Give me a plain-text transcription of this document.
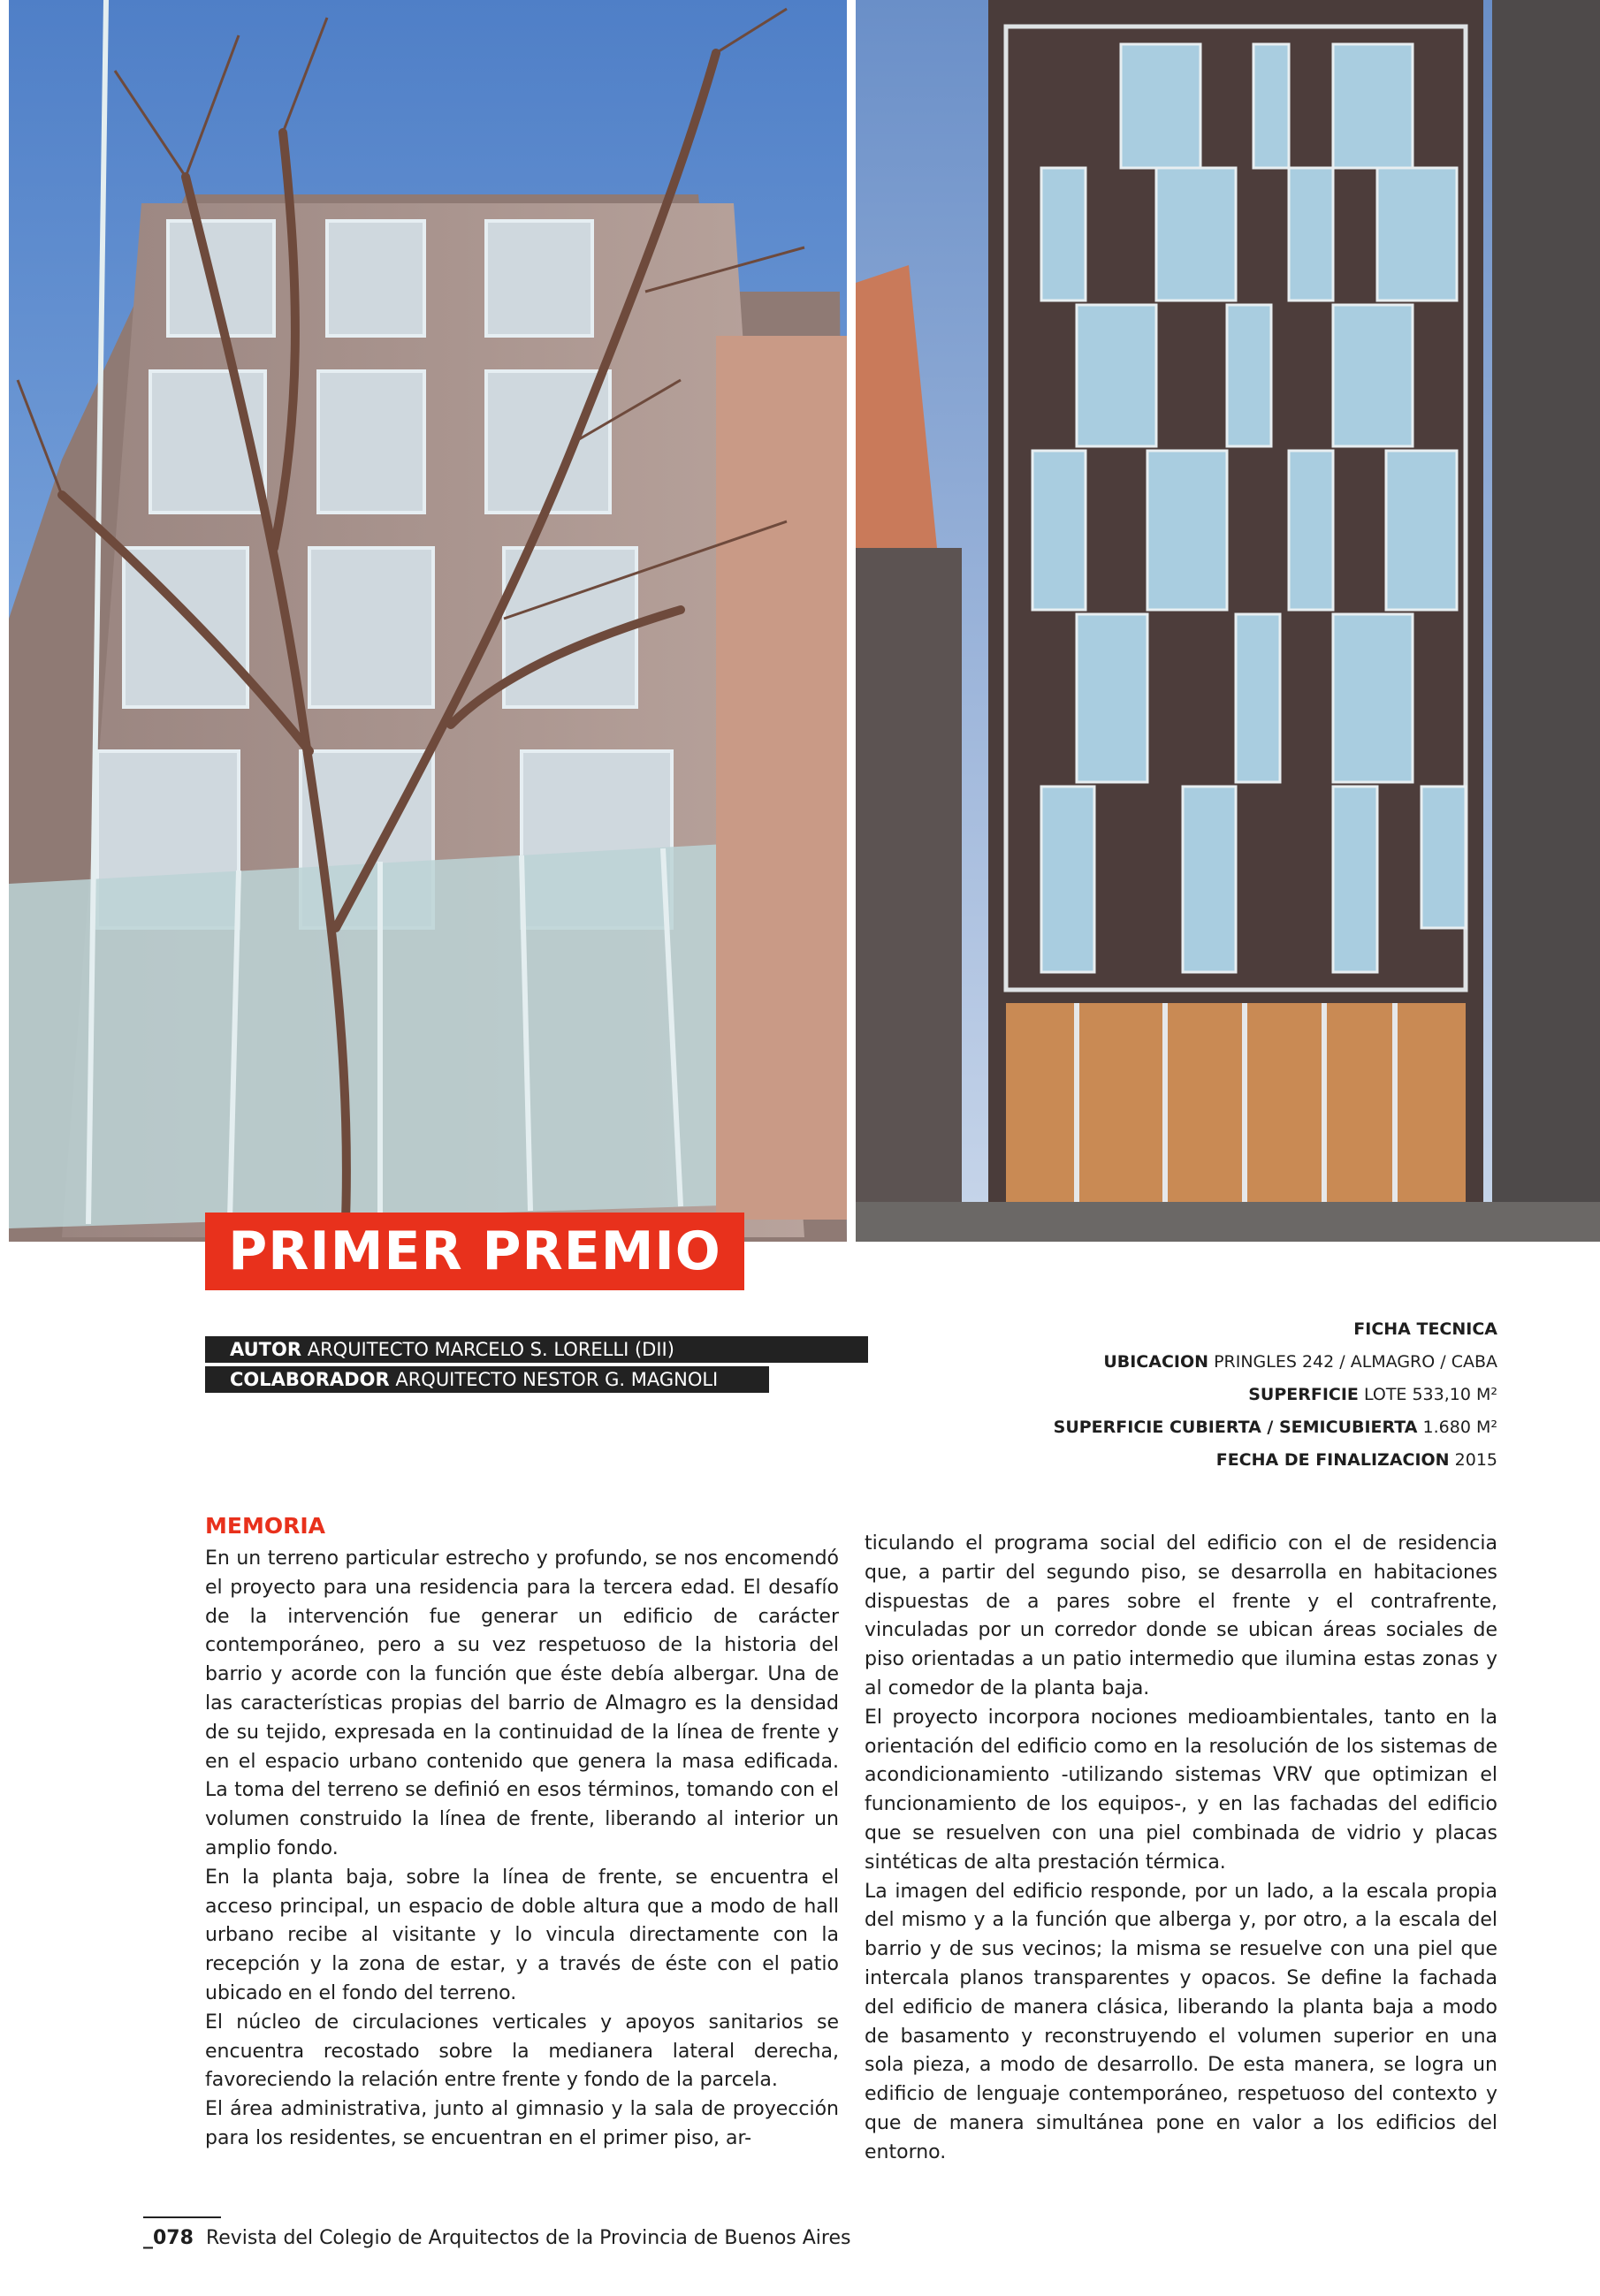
PRIMER PREMIO
AUTOR ARQUITECTO MARCELO S. LORELLI (DII)
COLABORADOR ARQUITECTO NESTOR G. MAGNOLI
FICHA TECNICA
UBICACION PRINGLES 242 / ALMAGRO / CABA
SUPERFICIE LOTE 533,10 M²
SUPERFICIE CUBIERTA / SEMICUBIERTA 1.680 M²
FECHA DE FINALIZACION 2015
MEMORIA

En un terreno particular estrecho y profundo, se nos encomendó el proyecto para una residencia para la tercera edad. El desafío de la intervención fue generar un edificio de carácter contemporáneo, pero a su vez respetuoso de la historia del barrio y acorde con la función que éste debía albergar. Una de las características propias del barrio de Almagro es la densidad de su tejido, expresada en la continuidad de la línea de frente y en el espacio urbano contenido que genera la masa edificada. La toma del terreno se definió en esos términos, tomando con el volumen construido la línea de frente, liberando al interior un amplio fondo.

En la planta baja, sobre la línea de frente, se encuentra el acceso principal, un espacio de doble altura que a modo de hall urbano recibe al visitante y lo vincula directamente con la recepción y la zona de estar, y a través de éste con el patio ubicado en el fondo del terreno.

El núcleo de circulaciones verticales y apoyos sanitarios se encuentra recostado sobre la medianera lateral derecha, favoreciendo la relación entre frente y fondo de la parcela.

El área administrativa, junto al gimnasio y la sala de proyección para los residentes, se encuentran en el primer piso, ar-

ticulando el programa social del edificio con el de residencia que, a partir del segundo piso, se desarrolla en habitaciones dispuestas de a pares sobre el frente y el contrafrente, vinculadas por un corredor donde se ubican áreas sociales de piso orientadas a un patio intermedio que ilumina estas zonas y al comedor de la planta baja.

El proyecto incorpora nociones medioambientales, tanto en la orientación del edificio como en la resolución de los sistemas de acondicionamiento -utilizando sistemas VRV que optimizan el funcionamiento de los equipos-, y en las fachadas del edificio que se resuelven con una piel combinada de vidrio y placas sintéticas de alta prestación térmica.

La imagen del edificio responde, por un lado, a la escala propia del mismo y a la función que alberga y, por otro, a la escala del barrio y de sus vecinos; la misma se resuelve con una piel que intercala planos transparentes y opacos. Se define la fachada del edificio de manera clásica, liberando la planta baja a modo de basamento y reconstruyendo el volumen superior en una sola pieza, a modo de desarrollo. De esta manera, se logra un edificio de lenguaje contemporáneo, respetuoso del contexto y que de manera simultánea pone en valor a los edificios del entorno.

_078 Revista del Colegio de Arquitectos de la Provincia de Buenos Aires
